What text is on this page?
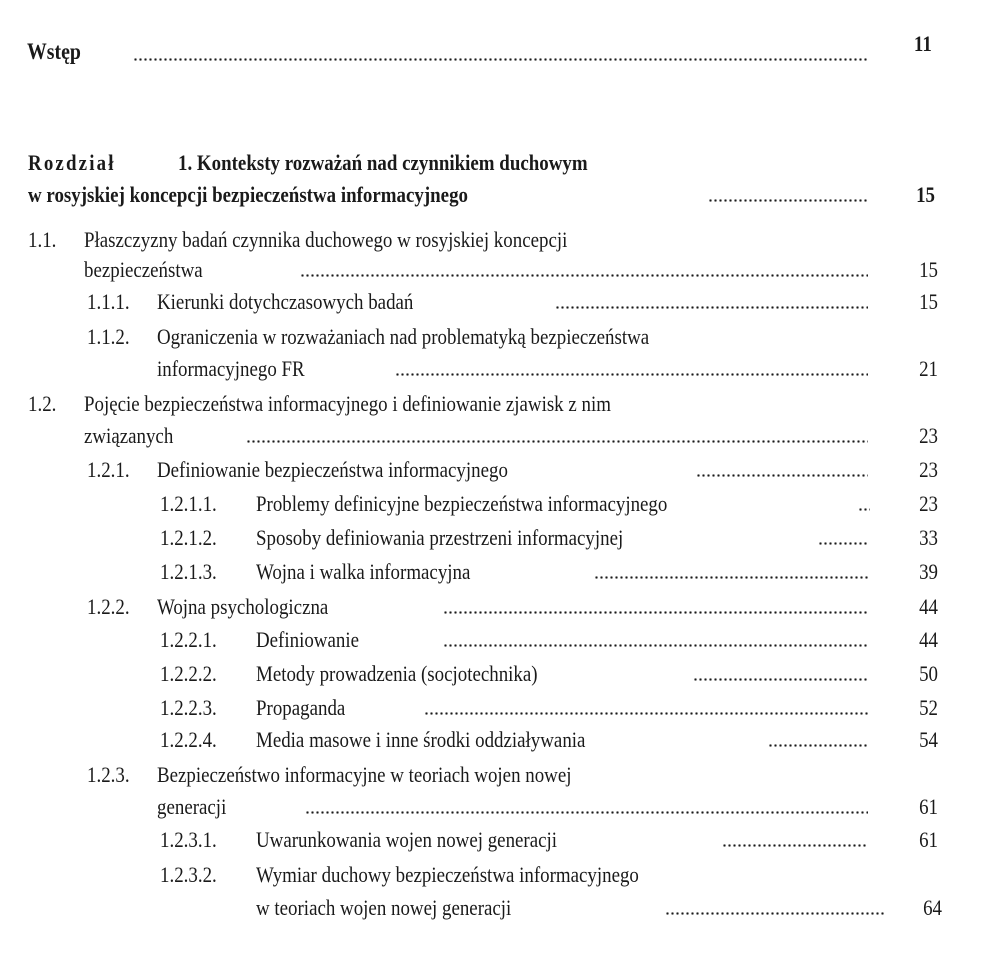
Wstęp	11
Rozdział	1. Konteksty rozważań nad czynnikiem duchowym
w rosyjskiej koncepcji bezpieczeństwa informacyjnego	15
1.1. Płaszczyzny badań czynnika duchowego w rosyjskiej koncepcji
bezpieczeństwa	15
1.1.1. Kierunki dotychczasowych badań	15
1.1.2. Ograniczenia w rozważaniach nad problematyką bezpieczeństwa
informacyjnego FR	21
1.2. Pojęcie bezpieczeństwa informacyjnego i definiowanie zjawisk z nim
związanych	23
1.2.1. Definiowanie bezpieczeństwa informacyjnego	23
1.2.1.1. Problemy definicyjne bezpieczeństwa informacyjnego	23
1.2.1.2. Sposoby definiowania przestrzeni informacyjnej	33
1.2.1.3. Wojna i walka informacyjna	39
1.2.2. Wojna psychologiczna	44
1.2.2.1. Definiowanie	44
1.2.2.2. Metody prowadzenia (socjotechnika)	50
1.2.2.3. Propaganda	52
1.2.2.4. Media masowe i inne środki oddziaływania	54
1.2.3. Bezpieczeństwo informacyjne w teoriach wojen nowej
generacji	61
1.2.3.1. Uwarunkowania wojen nowej generacji	61
1.2.3.2. Wymiar duchowy bezpieczeństwa informacyjnego
w teoriach wojen nowej generacji	64
